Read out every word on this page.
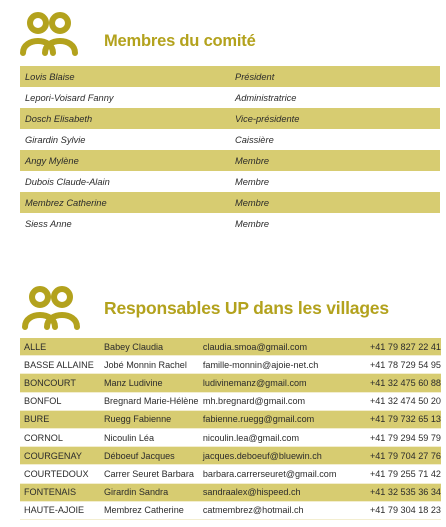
Membres du comité
Lovis Blaise	Président
Lepori-Voisard Fanny	Administratrice
Dosch Elisabeth	Vice-présidente
Girardin Sylvie	Caissière
Angy Mylène	Membre
Dubois Claude-Alain	Membre
Membrez Catherine	Membre
Siess Anne	Membre
Responsables UP dans les villages
ALLE	Babey Claudia	claudia.smoa@gmail.com	+41 79 827 22 41
BASSE ALLAINE	Jobé Monnin Rachel	famille-monnin@ajoie-net.ch	+41 78 729 54 95
BONCOURT	Manz Ludivine	ludivinemanz@gmail.com	+41 32 475 60 88
BONFOL	Bregnard Marie-Hélène	mh.bregnard@gmail.com	+41 32 474 50 20
BURE	Ruegg Fabienne	fabienne.ruegg@gmail.com	+41 79 732 65 13
CORNOL	Nicoulin Léa	nicoulin.lea@gmail.com	+41 79 294 59 79
COURGENAY	Déboeuf Jacques	jacques.deboeuf@bluewin.ch	+41 79 704 27 76
COURTEDOUX	Carrer Seuret Barbara	barbara.carrerseuret@gmail.com	+41 79 255 71 42
FONTENAIS	Girardin Sandra	sandraalex@hispeed.ch	+41 32 535 36 34
HAUTE-AJOIE	Membrez Catherine	catmembrez@hotmail.ch	+41 79 304 18 23
